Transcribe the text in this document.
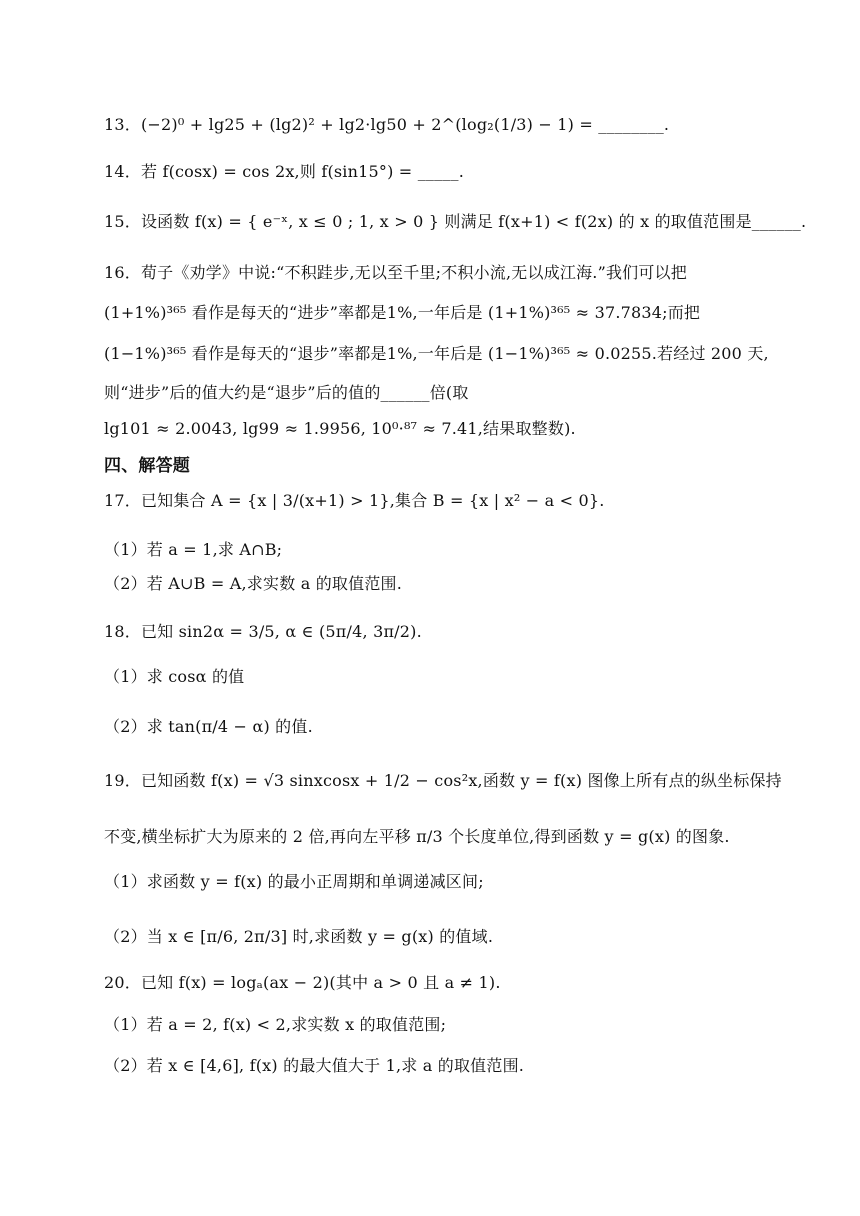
13．(−2)⁰ + lg25 + (lg2)² + lg2·lg50 + 2^(log₂(1/3) − 1) = ________.
14．若 f(cosx) = cos 2x,则 f(sin15°) = _____.
15．设函数 f(x) = { e⁻ˣ, x ≤ 0 ; 1, x > 0 } 则满足 f(x+1) < f(2x) 的 x 的取值范围是______.
16．荀子《劝学》中说:“不积跬步,无以至千里;不积小流,无以成江海.”我们可以把
(1+1%)³⁶⁵ 看作是每天的“进步”率都是1%,一年后是 (1+1%)³⁶⁵ ≈ 37.7834;而把
(1−1%)³⁶⁵ 看作是每天的“退步”率都是1%,一年后是 (1−1%)³⁶⁵ ≈ 0.0255.若经过 200 天,
则“进步”后的值大约是“退步”后的值的______倍(取
lg101 ≈ 2.0043, lg99 ≈ 1.9956, 10⁰·⁸⁷ ≈ 7.41,结果取整数).
四、解答题
17．已知集合 A = {x | 3/(x+1) > 1},集合 B = {x | x² − a < 0}.
（1）若 a = 1,求 A∩B;
（2）若 A∪B = A,求实数 a 的取值范围.
18．已知 sin2α = 3/5, α ∈ (5π/4, 3π/2).
（1）求 cosα 的值
（2）求 tan(π/4 − α) 的值.
19．已知函数 f(x) = √3 sinxcosx + 1/2 − cos²x,函数 y = f(x) 图像上所有点的纵坐标保持
不变,横坐标扩大为原来的 2 倍,再向左平移 π/3 个长度单位,得到函数 y = g(x) 的图象.
（1）求函数 y = f(x) 的最小正周期和单调递减区间;
（2）当 x ∈ [π/6, 2π/3] 时,求函数 y = g(x) 的值域.
20．已知 f(x) = logₐ(ax − 2)(其中 a > 0 且 a ≠ 1).
（1）若 a = 2, f(x) < 2,求实数 x 的取值范围;
（2）若 x ∈ [4,6], f(x) 的最大值大于 1,求 a 的取值范围.
